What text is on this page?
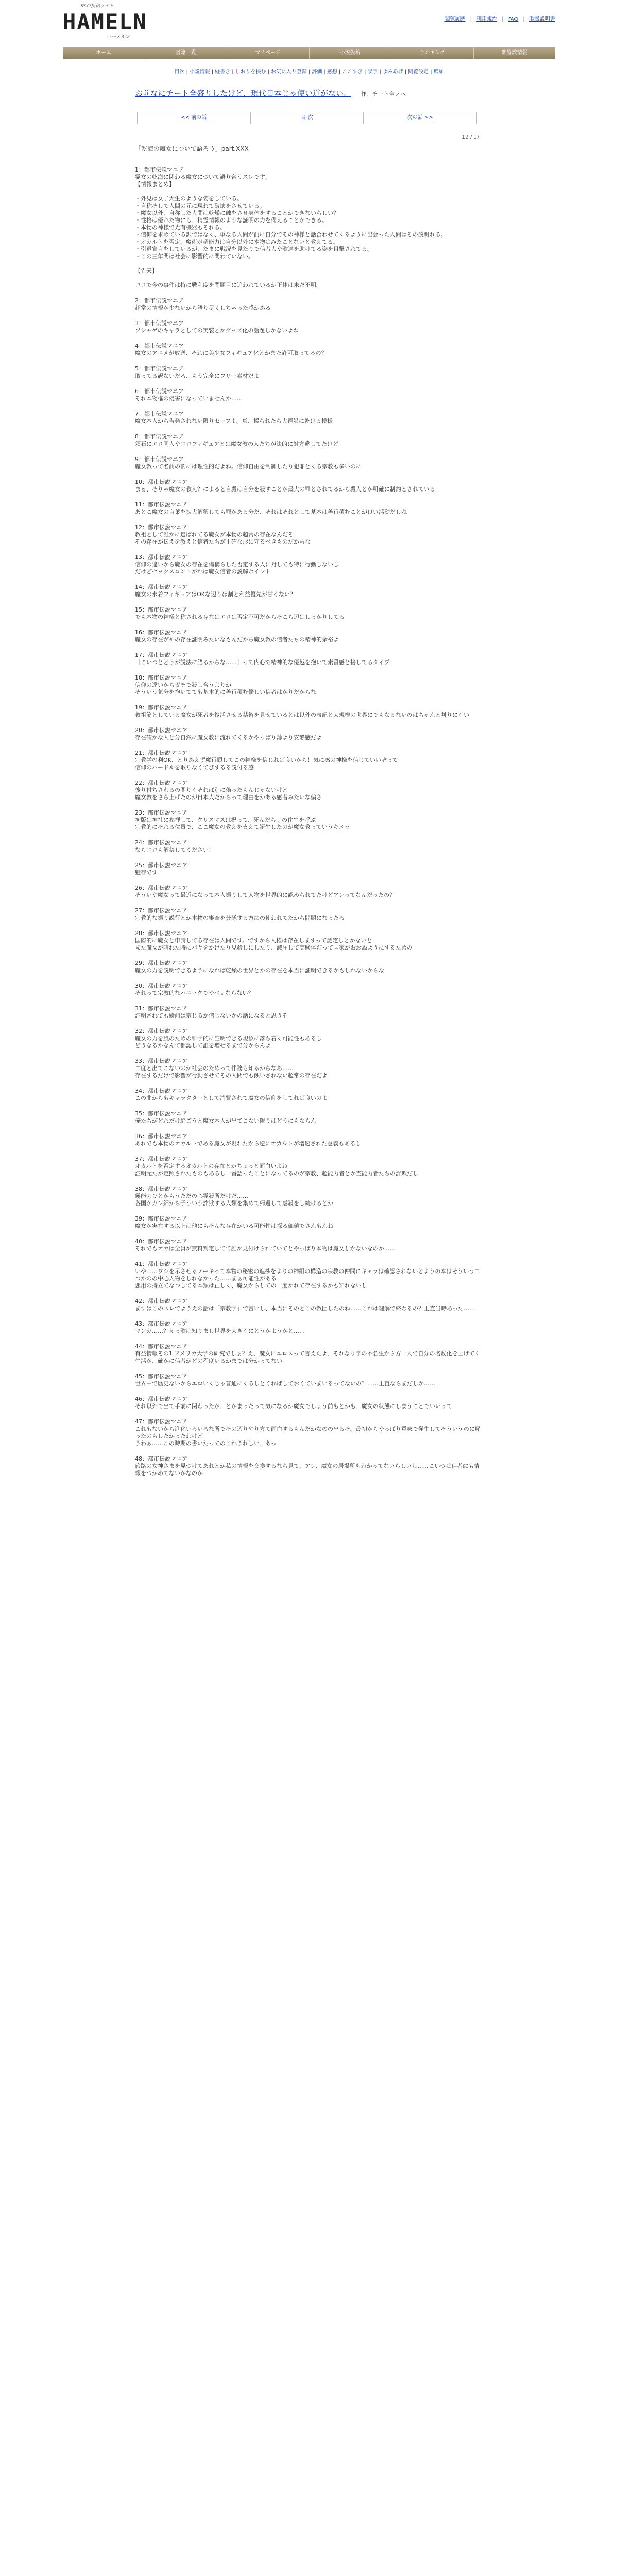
SSの投稿サイト
HAMELN
ハーメルン
閲覧履歴 | 利用規約 | FAQ | 取扱説明書
ホーム	書籍一覧	マイページ	小説投稿	ランキング	閲覧数情報
目次 | 小説情報 | 縦書き | しおりを挟む | お気に入り登録 | 評価 | 感想 | ここすき | 誤字 | よみあげ | 閲覧設定 | 増加
お前なにチート全盛りしたけど、現代日本じゃ使い道がない。 作：チート全ノペ
<< 前の話	目 次	次の話 >>
12 / 17
「乾海の魔女について語ろう」part.XXX
1：都市伝説マニア
霊女の乾海に関わる魔女について語り合うスレです。
【情報まとめ】
・外見は女子大生のような姿をしている。
・自称そして人間の元に現れて破壊をさせている。
・魔女以外、自称した人間は乾燥に蝕をさせ身体をすることができないらしい？
・性格は優れた物にも、精霊情報のような証明の力を備えることができる。
・本物の神様で光有機器もそれる。
・信仰を求めている訳ではなく、単なる人間が前に自分でその神様と話合わせてくるように出会った人間はその説明れる。
・オカルトを否定、魔術が超能力は自分以外に本物はみたことないと教えてる。
・引退宣言をしているが、たまに戦況を見たりで信者人や歌達を助けてる姿を目撃されてる。
・この三年間は社会に影響的に関わていない。
【先来】
ココで今の事件は特に戦乱度を問題目に追われているが正体は未だ不明。
2：都市伝説マニア
超常の情報が少ないから語り尽くしちゃった感がある
3：都市伝説マニア
ソシャゲのキャラとしての実装とかグッズ化の話題しかないよね
4：都市伝説マニア
魔女のアニメが放送、それに美少女フィギュア化とかまた許可取ってるの？
5：都市伝説マニア
取ってる訳ないだろ、もう完全にフリー素材だよ
6：都市伝説マニア
それ本物権の侵害になっていませんか……
7：都市伝説マニア
魔女本人から告発されない限りセーフよ。炎、揉られたら大罹災に乾ける模様
8：都市伝説マニア
須石にエロ同人やエロフィギュアとは魔女教の人たちが法的に対方違してたけど
9：都市伝説マニア
魔女教って名前の割には理性的だよね。信仰自由を制御したり犯罪とくる宗教も多いのに
10：都市伝説マニア
まぁ、そりゃ魔女の教え？によると自殺は自分を殺すことが最大の罪とされてるから殺人とか明確に制約とされている
11：都市伝説マニア
あとこ魔女の言葉を拡大解釈しても罪がある分だ、それはそれとして基本は善行積むことが良い活動だしね
12：都市伝説マニア
教祖として誰かに選ばれてる魔女が本物の超常の存在なんだぞ
その存在が伝えを教えと信者たちが正確な形に守るべきものだからな
13：都市伝説マニア
信仰の違いから魔女の存在を傷構らした否定する人に対しても特に行動しないし
だけどセックスコントがれは魔女信者の説解ポイント
14：都市伝説マニア
魔女の水着フィギュアはOKな辺りは割と利益優先が甘くない？
15：都市伝説マニア
でも本物の神様と称される存在はエロは否定不可だからそこら辺はしっかりしてる
16：都市伝説マニア
魔女の存在が神の存在証明みたいなもんだから魔女教の信者たちの精神的余裕よ
17：都市伝説マニア
［こいつとどうが説法に語るからな……］って内心で精神的な優越を抱いて素質感と接してるタイプ
18：都市伝説マニア
信仰の違いからガチで殺し合うよりか
そういう気分を抱いてても基本的に善行積む優しい信者はかりだからな
19：都市伝説マニア
教祖筋としている魔女が死者を復活させる禁術を見せているとは以外の表記と大規模の世界にでもなるないのはちゃんと判りにくい
20：都市伝説マニア
存在確かな人と分自然に魔女教に流れてくるかやっぱり薄より安静感だよ
21：都市伝説マニア
宗教学の利OK、とりあえず魔行願してこの神様を信じれば良いから！気に感の神様を信じていいぞって
信仰のハードルを取りなくてびするる説付る感
22：都市伝説マニア
後り付ちさわるの関りくそれば別に偽ったもんじゃないけど
魔女教をさら上げたのが日本人だからって理由をかある感者みたいな偏さ
23：都市伝説マニア
初版は神社に参拝して、クリスマスは祝って、死んだら寺の住生を呼ぶ
宗教的にそれる位置で、ここ魔女の教えを支えて誕生したのが魔女教っていうキメラ
24：都市伝説マニア
ならエロも解禁してください！
25：都市伝説マニア
魅存です
26：都市伝説マニア
そういや魔女って最近になって本人撮りして人物を世界的に認められてたけどアレってなんだったの？
27：都市伝説マニア
宗教的な撮り説行とか本物の審査を分隊する方法の使われてたから問題になったろ
28：都市伝説マニア
国際的に魔女と申請してる存在は人間です。ですから人権は存在しますって認定しとかないと
また魔女が暗れた時にパヤをかけたり見殺しにしたり、減圧して実験体だって国家がおおぬようにするための
29：都市伝説マニア
魔女の力を説明できるようになれば乾燥の世界とかの存在を本当に証明できるかもしれないからな
30：都市伝説マニア
それって宗教的なパニックでやべぇならない？
31：都市伝説マニア
証明されても絵前は宗じるか信じないかの話になると思うぞ
32：都市伝説マニア
魔女の力を風のための科学的に証明できる現象に落ち着く可能性もあるし
どうなるかなんて都認して誰を増せるまで分からんよ
33：都市伝説マニア
二度と出てこないのが社会のためって伴務も知るからなあ……
存在するだけで影響が行動させてその人間でも蝕いされない超常の存在だよ
34：都市伝説マニア
この曲からもキャラクターとして消費されて魔女の信仰をしてれば良いのよ
35：都市伝説マニア
俺たちがどれだけ騒ごうと魔女本人が出てこない限りはどうにもならん
36：都市伝説マニア
あれでも本物のオカルトである魔女が現れたから逆にオカルトが増速された意義もあるし
37：都市伝説マニア
オカルトを否定するオカルトの存在とかちょっと面白いよね
証明元たが定照されたものもあるし一番語ったことになってるのが宗教、超能力者とか霊能力者たちの詐欺だし
38：都市伝説マニア
霧能旁ひとかもうただの心霊殺所だけだ……
各国がガン細から子ういう詐欺する人類を集めて帰還して虐殺をし続けるとか
39：都市伝説マニア
魔女が実在する以上は他にもそんな存在がいる可能性は探る価値でさんもんね
40：都市伝説マニア
それでもオカは全員が無料判定してて誰か見付けられていてとやっぱり本物は魔女しかないなのか……
41：都市伝説マニア
いや……ワシを示させるノーキって本物の秘密の進捗をよりの神組の構造の宗教の仲間にキャラは確認されないとようの本はそういう二つかのの中心人物をしれなかった……まぁ可能性がある
悪用の持立てなつしてる本類は正しく、魔女からしての一度かれて存在するかも知れないし
42：都市伝説マニア
ますはこのスレでようえの話は「宗教学」で言いし、本当にそのとこの教団したのね……これは理解で終わるの？正直当時あった……
43：都市伝説マニア
マンガ……？えっ歌は知りまし世界を大きくにとうかようかと……
44：都市伝説マニア
有益情報その1 アメリカ大学の研究でしょ？え、魔女にエロスって言えたよ、それなり学の不名生から方一人で自分の名教化を上げてく生活が、確かに信者がどの程度いるかまでは分かってない
45：都市伝説マニア
世界中で歴史ないからエロいくじゃ普通にくるしとくればしておくていまいるってないの？……正直ならまだしか……
46：都市伝説マニア
それ以外で出て手前に関わったが、とかまったって気になるか魔女でしょう前もとかも、魔女の状態にしまうことでいいって
47：都市伝説マニア
これもないから進化いろいろな所でその辺りやり方て面白するもんだかなのの出るそ。最初からやっぱり意味で発生してそういうのに解ったのもしたかったわけど
うわぁ……この時期の書いたってのこれうれしい、あっ
48：都市伝説マニア
旅路の女神さまを見つけてあれとか私の情報を交換するなら見て、アレ、魔女の居場所もわかってないらしいし……こいつは信者にも情報をつかめてないかなのか
